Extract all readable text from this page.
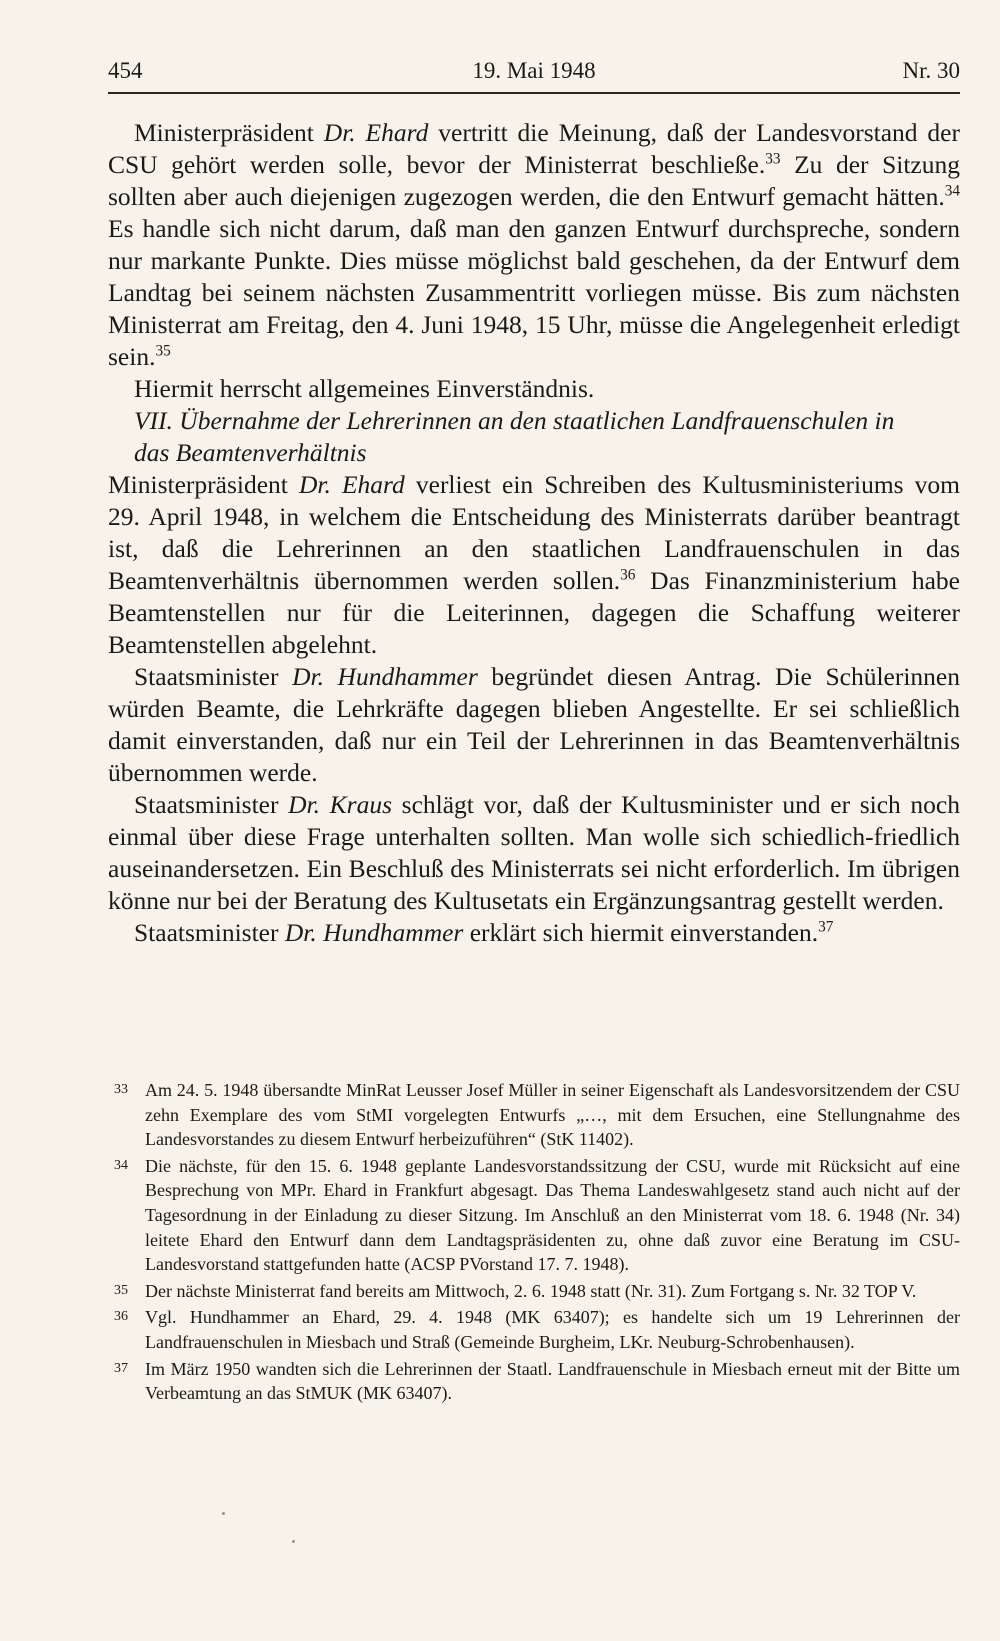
454	19. Mai 1948	Nr. 30

Ministerpräsident Dr. Ehard vertritt die Meinung, daß der Landesvorstand der CSU gehört werden solle, bevor der Ministerrat beschließe.$^{33}$ Zu der Sitzung sollten aber auch diejenigen zugezogen werden, die den Entwurf gemacht hätten.$^{34}$ Es handle sich nicht darum, daß man den ganzen Entwurf durchspreche, sondern nur markante Punkte. Dies müsse möglichst bald geschehen, da der Entwurf dem Landtag bei seinem nächsten Zusammentritt vorliegen müsse. Bis zum nächsten Ministerrat am Freitag, den 4. Juni 1948, 15 Uhr, müsse die Angelegenheit erledigt sein.$^{35}$

Hiermit herrscht allgemeines Einverständnis.

VII. Übernahme der Lehrerinnen an den staatlichen Landfrauenschulen in
das Beamtenverhältnis

Ministerpräsident Dr. Ehard verliest ein Schreiben des Kultusministeriums vom 29. April 1948, in welchem die Entscheidung des Ministerrats darüber beantragt ist, daß die Lehrerinnen an den staatlichen Landfrauenschulen in das Beamtenverhältnis übernommen werden sollen.$^{36}$ Das Finanzministerium habe Beamtenstellen nur für die Leiterinnen, dagegen die Schaffung weiterer Beamtenstellen abgelehnt.

Staatsminister Dr. Hundhammer begründet diesen Antrag. Die Schülerinnen würden Beamte, die Lehrkräfte dagegen blieben Angestellte. Er sei schließlich damit einverstanden, daß nur ein Teil der Lehrerinnen in das Beamtenverhältnis übernommen werde.

Staatsminister Dr. Kraus schlägt vor, daß der Kultusminister und er sich noch einmal über diese Frage unterhalten sollten. Man wolle sich schiedlich-friedlich auseinandersetzen. Ein Beschluß des Ministerrats sei nicht erforderlich. Im übrigen könne nur bei der Beratung des Kultusetats ein Ergänzungsantrag gestellt werden.

Staatsminister Dr. Hundhammer erklärt sich hiermit einverstanden.$^{37}$

33 Am 24. 5. 1948 übersandte MinRat Leusser Josef Müller in seiner Eigenschaft als Landesvorsitzendem der CSU zehn Exemplare des vom StMI vorgelegten Entwurfs „…, mit dem Ersuchen, eine Stellungnahme des Landesvorstandes zu diesem Entwurf herbeizuführen“ (StK 11402).
34 Die nächste, für den 15. 6. 1948 geplante Landesvorstandssitzung der CSU, wurde mit Rücksicht auf eine Besprechung von MPr. Ehard in Frankfurt abgesagt. Das Thema Landeswahlgesetz stand auch nicht auf der Tagesordnung in der Einladung zu dieser Sitzung. Im Anschluß an den Ministerrat vom 18. 6. 1948 (Nr. 34) leitete Ehard den Entwurf dann dem Landtagspräsidenten zu, ohne daß zuvor eine Beratung im CSU-Landesvorstand stattgefunden hatte (ACSP PVorstand 17. 7. 1948).
35 Der nächste Ministerrat fand bereits am Mittwoch, 2. 6. 1948 statt (Nr. 31). Zum Fortgang s. Nr. 32 TOP V.
36 Vgl. Hundhammer an Ehard, 29. 4. 1948 (MK 63407); es handelte sich um 19 Lehrerinnen der Landfrauenschulen in Miesbach und Straß (Gemeinde Burgheim, LKr. Neuburg-Schrobenhausen).
37 Im März 1950 wandten sich die Lehrerinnen der Staatl. Landfrauenschule in Miesbach erneut mit der Bitte um Verbeamtung an das StMUK (MK 63407).
